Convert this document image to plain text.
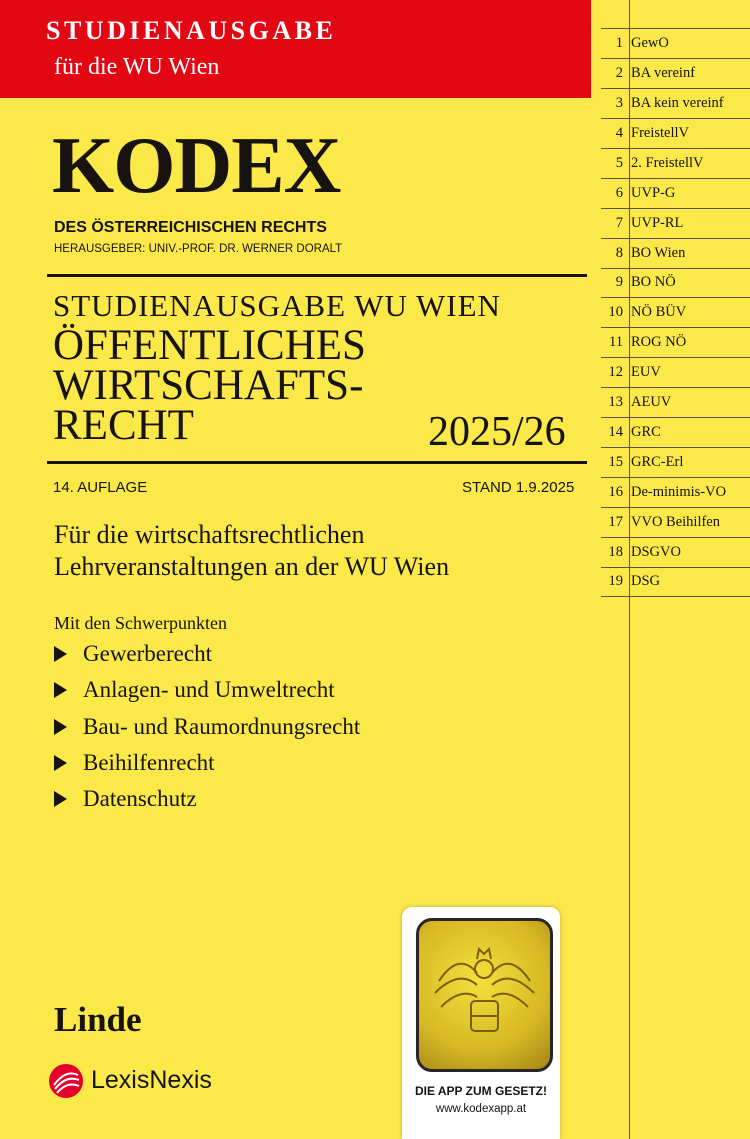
STUDIENAUSGABE
für die WU Wien
KODEX
DES ÖSTERREICHISCHEN RECHTS
HERAUSGEBER: UNIV.-PROF. DR. WERNER DORALT
STUDIENAUSGABE WU WIEN
ÖFFENTLICHES
WIRTSCHAFTS-
RECHT	2025/26
14. AUFLAGE	STAND 1.9.2025
Für die wirtschaftsrechtlichen
Lehrveranstaltungen an der WU Wien
Mit den Schwerpunkten
Gewerberecht
Anlagen- und Umweltrecht
Bau- und Raumordnungsrecht
Beihilfenrecht
Datenschutz
1 GewO
2 BA vereinf
3 BA kein vereinf
4 FreistellV
5 2. FreistellV
6 UVP-G
7 UVP-RL
8 BO Wien
9 BO NÖ
10 NÖ BÜV
11 ROG NÖ
12 EUV
13 AEUV
14 GRC
15 GRC-Erl
16 De-minimis-VO
17 VVO Beihilfen
18 DSGVO
19 DSG
Linde
LexisNexis	DIE APP ZUM GESETZ!
www.kodexapp.at
